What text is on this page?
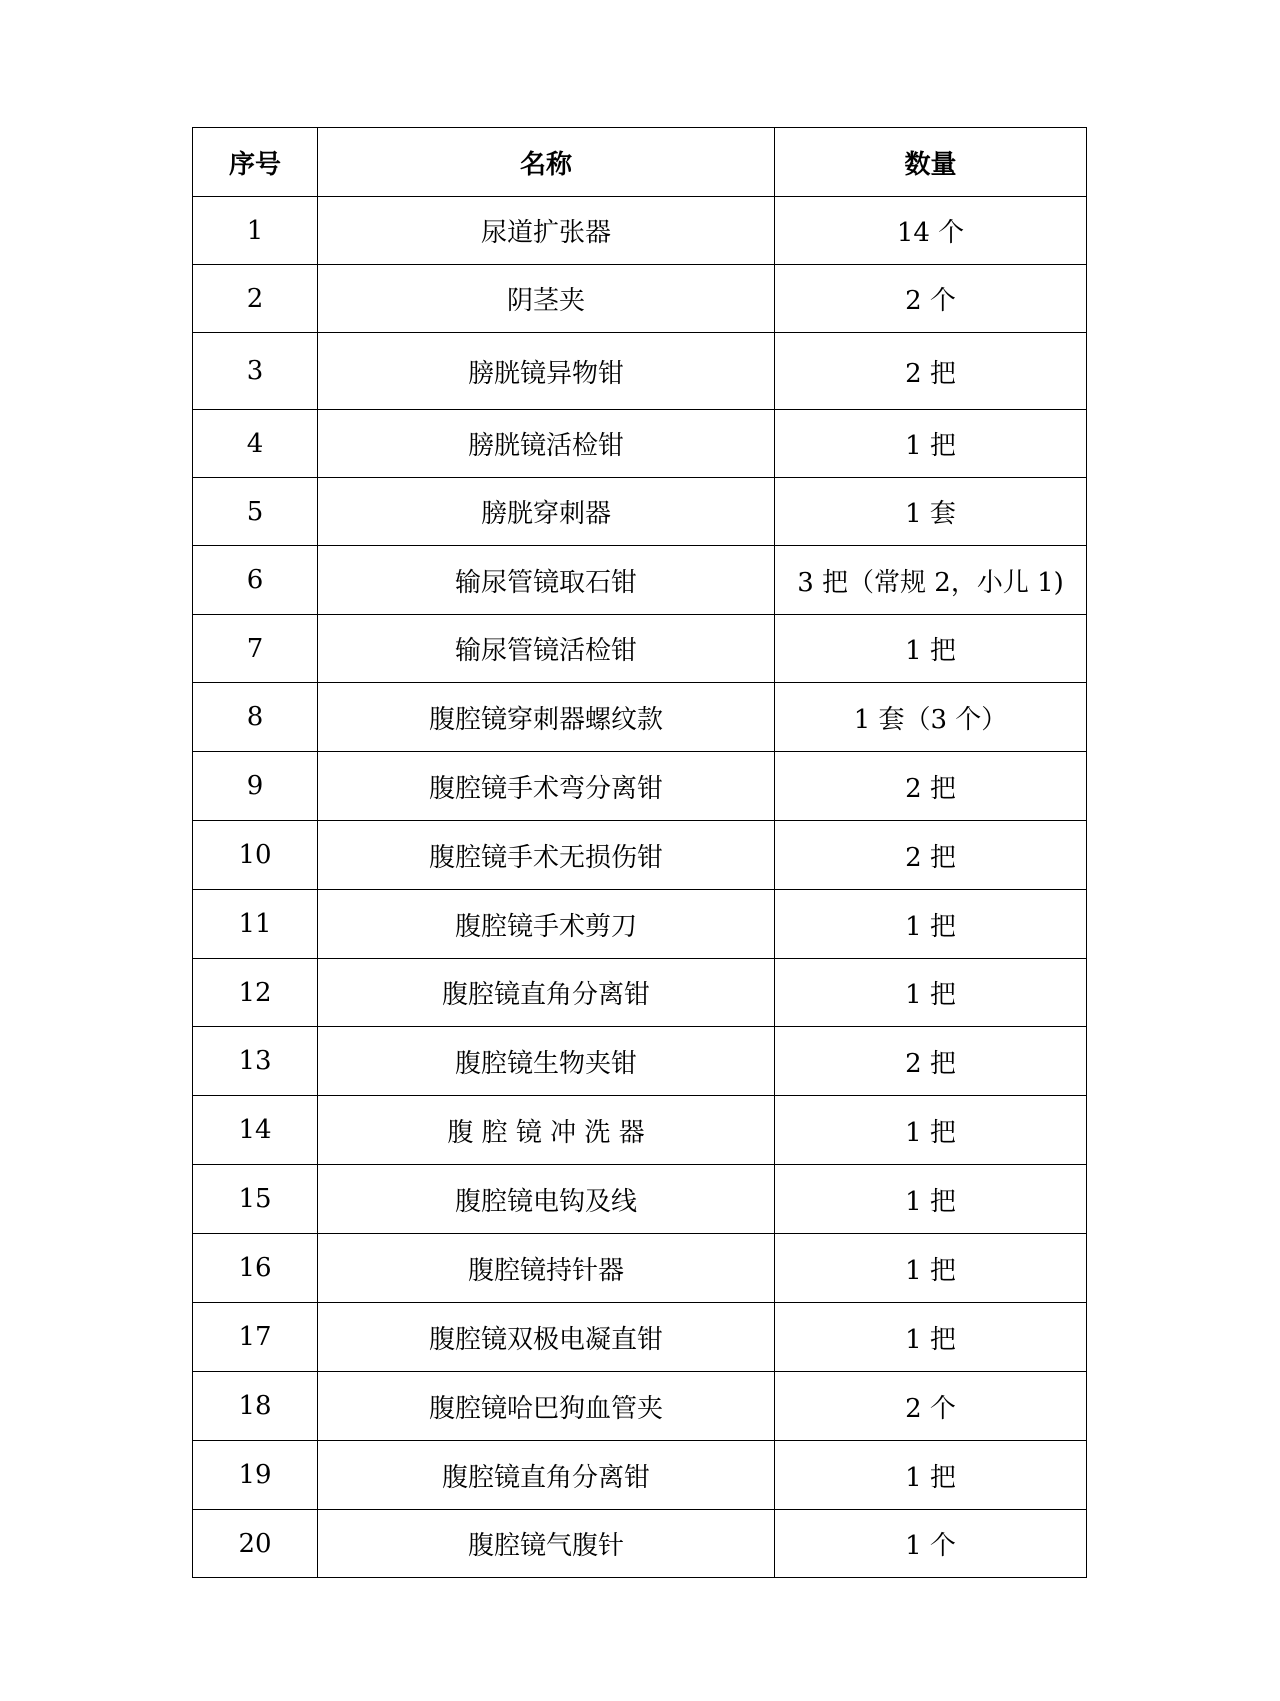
序号	名称	数量
1	尿道扩张器	14 个
2	阴茎夹	2 个
3	膀胱镜异物钳	2 把
4	膀胱镜活检钳	1 把
5	膀胱穿刺器	1 套
6	输尿管镜取石钳	3 把（常规 2，小儿 1)
7	输尿管镜活检钳	1 把
8	腹腔镜穿刺器螺纹款	1 套（3 个）
9	腹腔镜手术弯分离钳	2 把
10	腹腔镜手术无损伤钳	2 把
11	腹腔镜手术剪刀	1 把
12	腹腔镜直角分离钳	1 把
13	腹腔镜生物夹钳	2 把
14	腹 腔 镜 冲 洗 器	1 把
15	腹腔镜电钩及线	1 把
16	腹腔镜持针器	1 把
17	腹腔镜双极电凝直钳	1 把
18	腹腔镜哈巴狗血管夹	2 个
19	腹腔镜直角分离钳	1 把
20	腹腔镜气腹针	1 个
